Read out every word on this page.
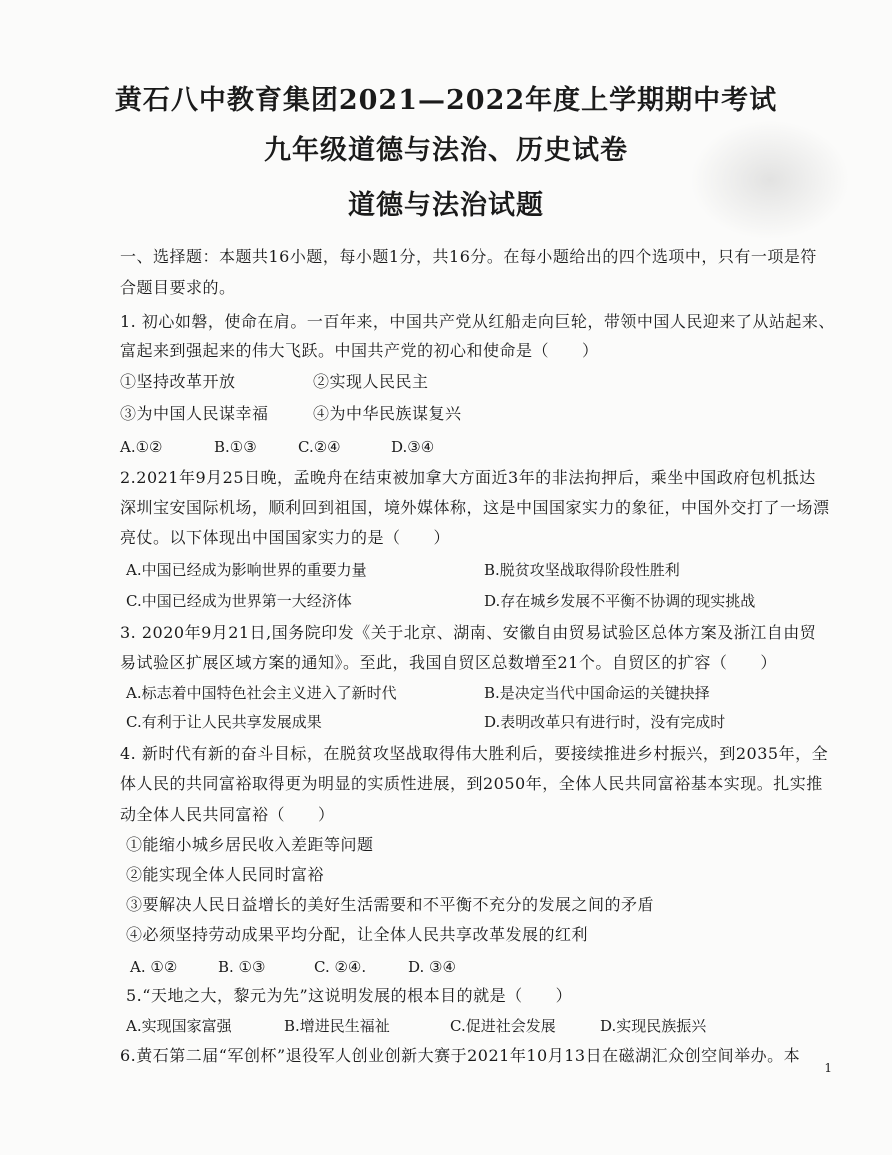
黄石八中教育集团2021—2022年度上学期期中考试
九年级道德与法治、历史试卷
道德与法治试题
一、选择题：本题共16小题，每小题1分，共16分。在每小题给出的四个选项中，只有一项是符
合题目要求的。
1. 初心如磐，使命在肩。一百年来，中国共产党从红船走向巨轮，带领中国人民迎来了从站起来、
富起来到强起来的伟大飞跃。中国共产党的初心和使命是（　　）
①坚持改革开放	②实现人民民主
③为中国人民谋幸福	④为中华民族谋复兴
A.①②	B.①③	C.②④	D.③④
2.2021年9月25日晚，孟晚舟在结束被加拿大方面近3年的非法拘押后，乘坐中国政府包机抵达
深圳宝安国际机场，顺利回到祖国，境外媒体称，这是中国国家实力的象征，中国外交打了一场漂
亮仗。以下体现出中国国家实力的是（　　）
A.中国已经成为影响世界的重要力量	B.脱贫攻坚战取得阶段性胜利
C.中国已经成为世界第一大经济体	D.存在城乡发展不平衡不协调的现实挑战
3. 2020年9月21日,国务院印发《关于北京、湖南、安徽自由贸易试验区总体方案及浙江自由贸
易试验区扩展区域方案的通知》。至此，我国自贸区总数增至21个。自贸区的扩容（　　）
A.标志着中国特色社会主义进入了新时代	B.是决定当代中国命运的关键抉择
C.有利于让人民共享发展成果	D.表明改革只有进行时，没有完成时
4. 新时代有新的奋斗目标，在脱贫攻坚战取得伟大胜利后，要接续推进乡村振兴，到2035年，全
体人民的共同富裕取得更为明显的实质性进展，到2050年，全体人民共同富裕基本实现。扎实推
动全体人民共同富裕（　　）
①能缩小城乡居民收入差距等问题
②能实现全体人民同时富裕
③要解决人民日益增长的美好生活需要和不平衡不充分的发展之间的矛盾
④必须坚持劳动成果平均分配，让全体人民共享改革发展的红利
A. ①②	B. ①③	C. ②④.	D. ③④
5.“天地之大，黎元为先”这说明发展的根本目的就是（　　）
A.实现国家富强	B.增进民生福祉	C.促进社会发展	D.实现民族振兴
6.黄石第二届“军创杯”退役军人创业创新大赛于2021年10月13日在磁湖汇众创空间举办。本
1
